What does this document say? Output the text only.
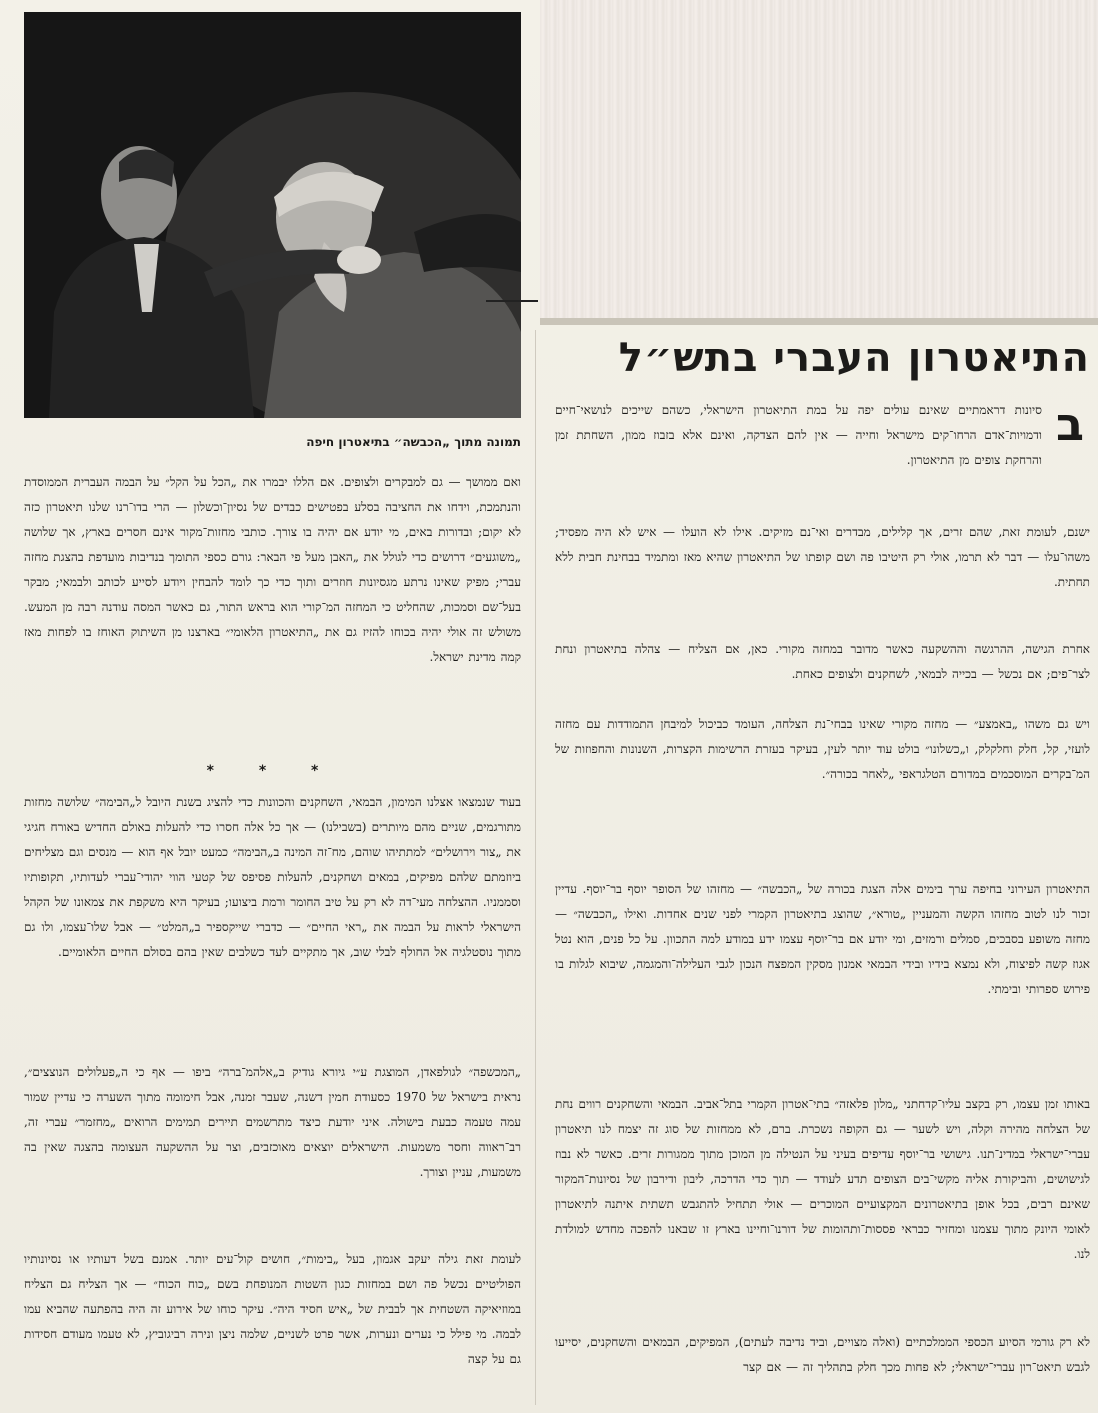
התיאטרון העברי בתש״ל
תמונה מתוך „הכבשה״ בתיאטרון חיפה	ב
סיונות דראמתיים שאינם עולים יפה על במת התיאטרון הישראלי, כשהם שייכים לנושאי־חיים ודמויות־אדם הרחו־קים מישראל וחייה — אין להם הצדקה, ואינם אלא בזבוז ממון, השחתת זמן והרחקת צופים מן התיאטרון.
ישנם, לעומת זאת, שהם זרים, אך קלילים, מבדרים ואי־נם מזיקים. אילו לא הועלו — איש לא היה מפסיד; משהו־עלו — דבר לא תרמו, אולי רק היטיבו פה ושם קופתו של התיאטרון שהיא מאז ומתמיד בבחינת חבית ללא תחתית.
אחרת הגישה, ההרגשה וההשקעה כאשר מדובר במחזה מקורי. כאן, אם הצליח — צהלה בתיאטרון ונחת לצר־פים; אם נכשל — בכייה לבמאי, לשחקנים ולצופים כאחת.
ויש גם משהו „באמצע״ — מחזה מקורי שאינו בבחי־נת הצלחה, העומד כביכול למיבחן התמודדות עם מחזה לועזי, קל, חלק וחלקלק, ו„כשלונו״ בולט עוד יותר לעין, בעיקר בעזרת הרשימות הקצרות, השנונות והחפוזות של המ־בקרים המוסכמים במדורם הטלגראפי „לאחר בכורה״.
התיאטרון העירוני בחיפה ערך בימים אלה הצגת בכורה של „הכבשה״ — מחזהו של הסופר יוסף בר־יוסף. עדיין זכור לנו לטוב מחזהו הקשה והמעניין „טורא״, שהוצג בתיאטרון הקמרי לפני שנים אחדות. ואילו „הכבשה״ — מחזה משופע בסבכים, סמלים ורמזים, ומי יודע אם בר־יוסף עצמו ידע במודע למה התכוון. על כל פנים, הוא נטל אגוז קשה לפיצוח, ולא נמצא בידיו ובידי הבמאי אמנון מסקין המפצח הנכון לגבי העלילה־והמגמה, שיבוא לגלות בו פירוש ספרותי ובימתי.
באותו זמן עצמו, רק בקצב עליו־קדחתני „מלון פלאזה״ בתי־אטרון הקמרי בתל־אביב. הבמאי והשחקנים רווים נחת של הצלחה מהירה וקלה, ויש לשער — גם הקופה נשכרת. ברם, לא ממחזות של סוג זה יצמח לנו תיאטרון עברי־ישראלי במדינ־תנו. גישושי בר־יוסף עדיפים בעיני על הנטילה מן המוכן מתוך ממגורות זרים. כאשר לא נבוז לגישושים, והביקורת אליה מקשי־בים הצופים תדע לעודד — תוך כדי הדרכה, ליבון ודירבון של נסיונות־המקור שאינם רבים, בכל אופן בתיאטרונים המקצועיים המוכרים — אולי תתחיל להתגבש תשתית איתנה לתיאטרון לאומי היונק מתוך עצמנו ומחזיר כבראי פססות־ותהומות של דורנו־וחיינו בארץ זו שבאנו להפכה מחדש למולדת לנו.
לא רק גורמי הסיוע הכספי הממלכתיים (ואלה מצויים, וביד נדיבה לעתים), המפיקים, הבמאים והשחקנים, יסייעו לגבש תיאט־רון עברי־ישראלי; לא פחות מכך חלק בתהליך זה — אם קצר
ואם ממושך — גם למבקרים ולצופים. אם הללו יבמרו את „הכל על הקל״ על הבמה העברית הממוסדת והנתמכת, וידחו את החציבה בסלע בפטישים כבדים של נסיון־וכשלון — הרי בדו־רנו שלנו תיאטרון כזה לא יקום; ובדורות באים, מי יודע אם יהיה בו צורך. כותבי מחזות־מקור אינם חסרים בארץ, אך שלושה „משוגעים״ דרושים כדי לגולל את „האבן מעל פי הבאר: גורם כספי התומך בנדיבות מועדפת בהצגת מחזה עברי; מפיק שאינו נרתע מגסיונות חוזרים ותוך כדי כך לומד להבחין ויודע לסייע לכותב ולבמאי; מבקר בעל־שם וסמכות, שהחליט כי המחזה המ־קורי הוא בראש התור, גם כאשר המסה עודנה רבה מן המעש. משולש זה אולי יהיה בכוחו להזיז גם את „התיאטרון הלאומי״ בארצנו מן השיתוק האוחז בו לפחות מאז קמה מדינת ישראל.
* * *
בעוד שנמצאו אצלנו המימון, הבמאי, השחקנים והכוונות כדי להציג בשנת היובל ל„הבימה״ שלושה מחזות מתורגמים, שניים מהם מיותרים (בשבילנו) — אך כל אלה חסרו כדי להעלות באולם החדיש באורח חגיגי את „צור וירושלים״ למתתיהו שוהם, מח־זה המינה ב„הבימה״ כמעט יובל אף הוא — מנסים וגם מצליחים ביוזמתם שלהם מפיקים, במאים ושחקנים, להעלות פסיפס של קטעי הווי יהודי־עברי לעדותיו, תקופותיו וסממניו. ההצלחה מעי־דה לא רק על טיב החומר ורמת ביצועו; בעיקר היא משקפת את צמאונו של הקהל הישראלי לראות על הבמה את „ראי החיים״ — כדברי שייקספיר ב„המלט״ — אבל שלו־עצמו, ולו גם מתוך נוסטלגיה אל החולף לבלי שוב, אך מתקיים לעד כשלבים שאין בהם בסולם החיים הלאומיים.
„המכשפה״ לגולפאדן, המוצגת ע״י גיורא גודיק ב„אלהמ־ברה״ ביפו — אף כי ה„פעלולים הנוצצים״, נראית בישראל של 1970 כסעודת חמין דשנה, שעבר זמנה, אבל חימומה מתוך השערה כי עדיין שמור עמה טעמה כבעת בישולה. איני יודעת כיצד מתרשמים תיירים תמימים הרואים „מחזמר״ עברי זה, רב־ראווה וחסר משמעות. הישראלים יוצאים מאוכזבים, וצר על ההשקעה העצומה בהצגה שאין בה משמעות, עניין וצורך.
לעומת זאת גילה יעקב אגמון, בעל „בימות״, חושים קול־עים יותר. אמנם בשל דעותיו או נסיונותיו הפוליטיים נכשל פה ושם במחזות כגון השטות המנופחת בשם „כוח הכוח״ — אך הצליח גם הצליח במוזיאיקה השטחית אך לבבית של „איש חסיד היה״. עיקר כוחו של אירוע זה היה בהפתעה שהביא עמו לבמה. מי פילל כי נערים ונערות, אשר פרט לשניים, שלמה ניצן ונירה רביגוביץ, לא טעמו מעודם חסידות גם על קצה
